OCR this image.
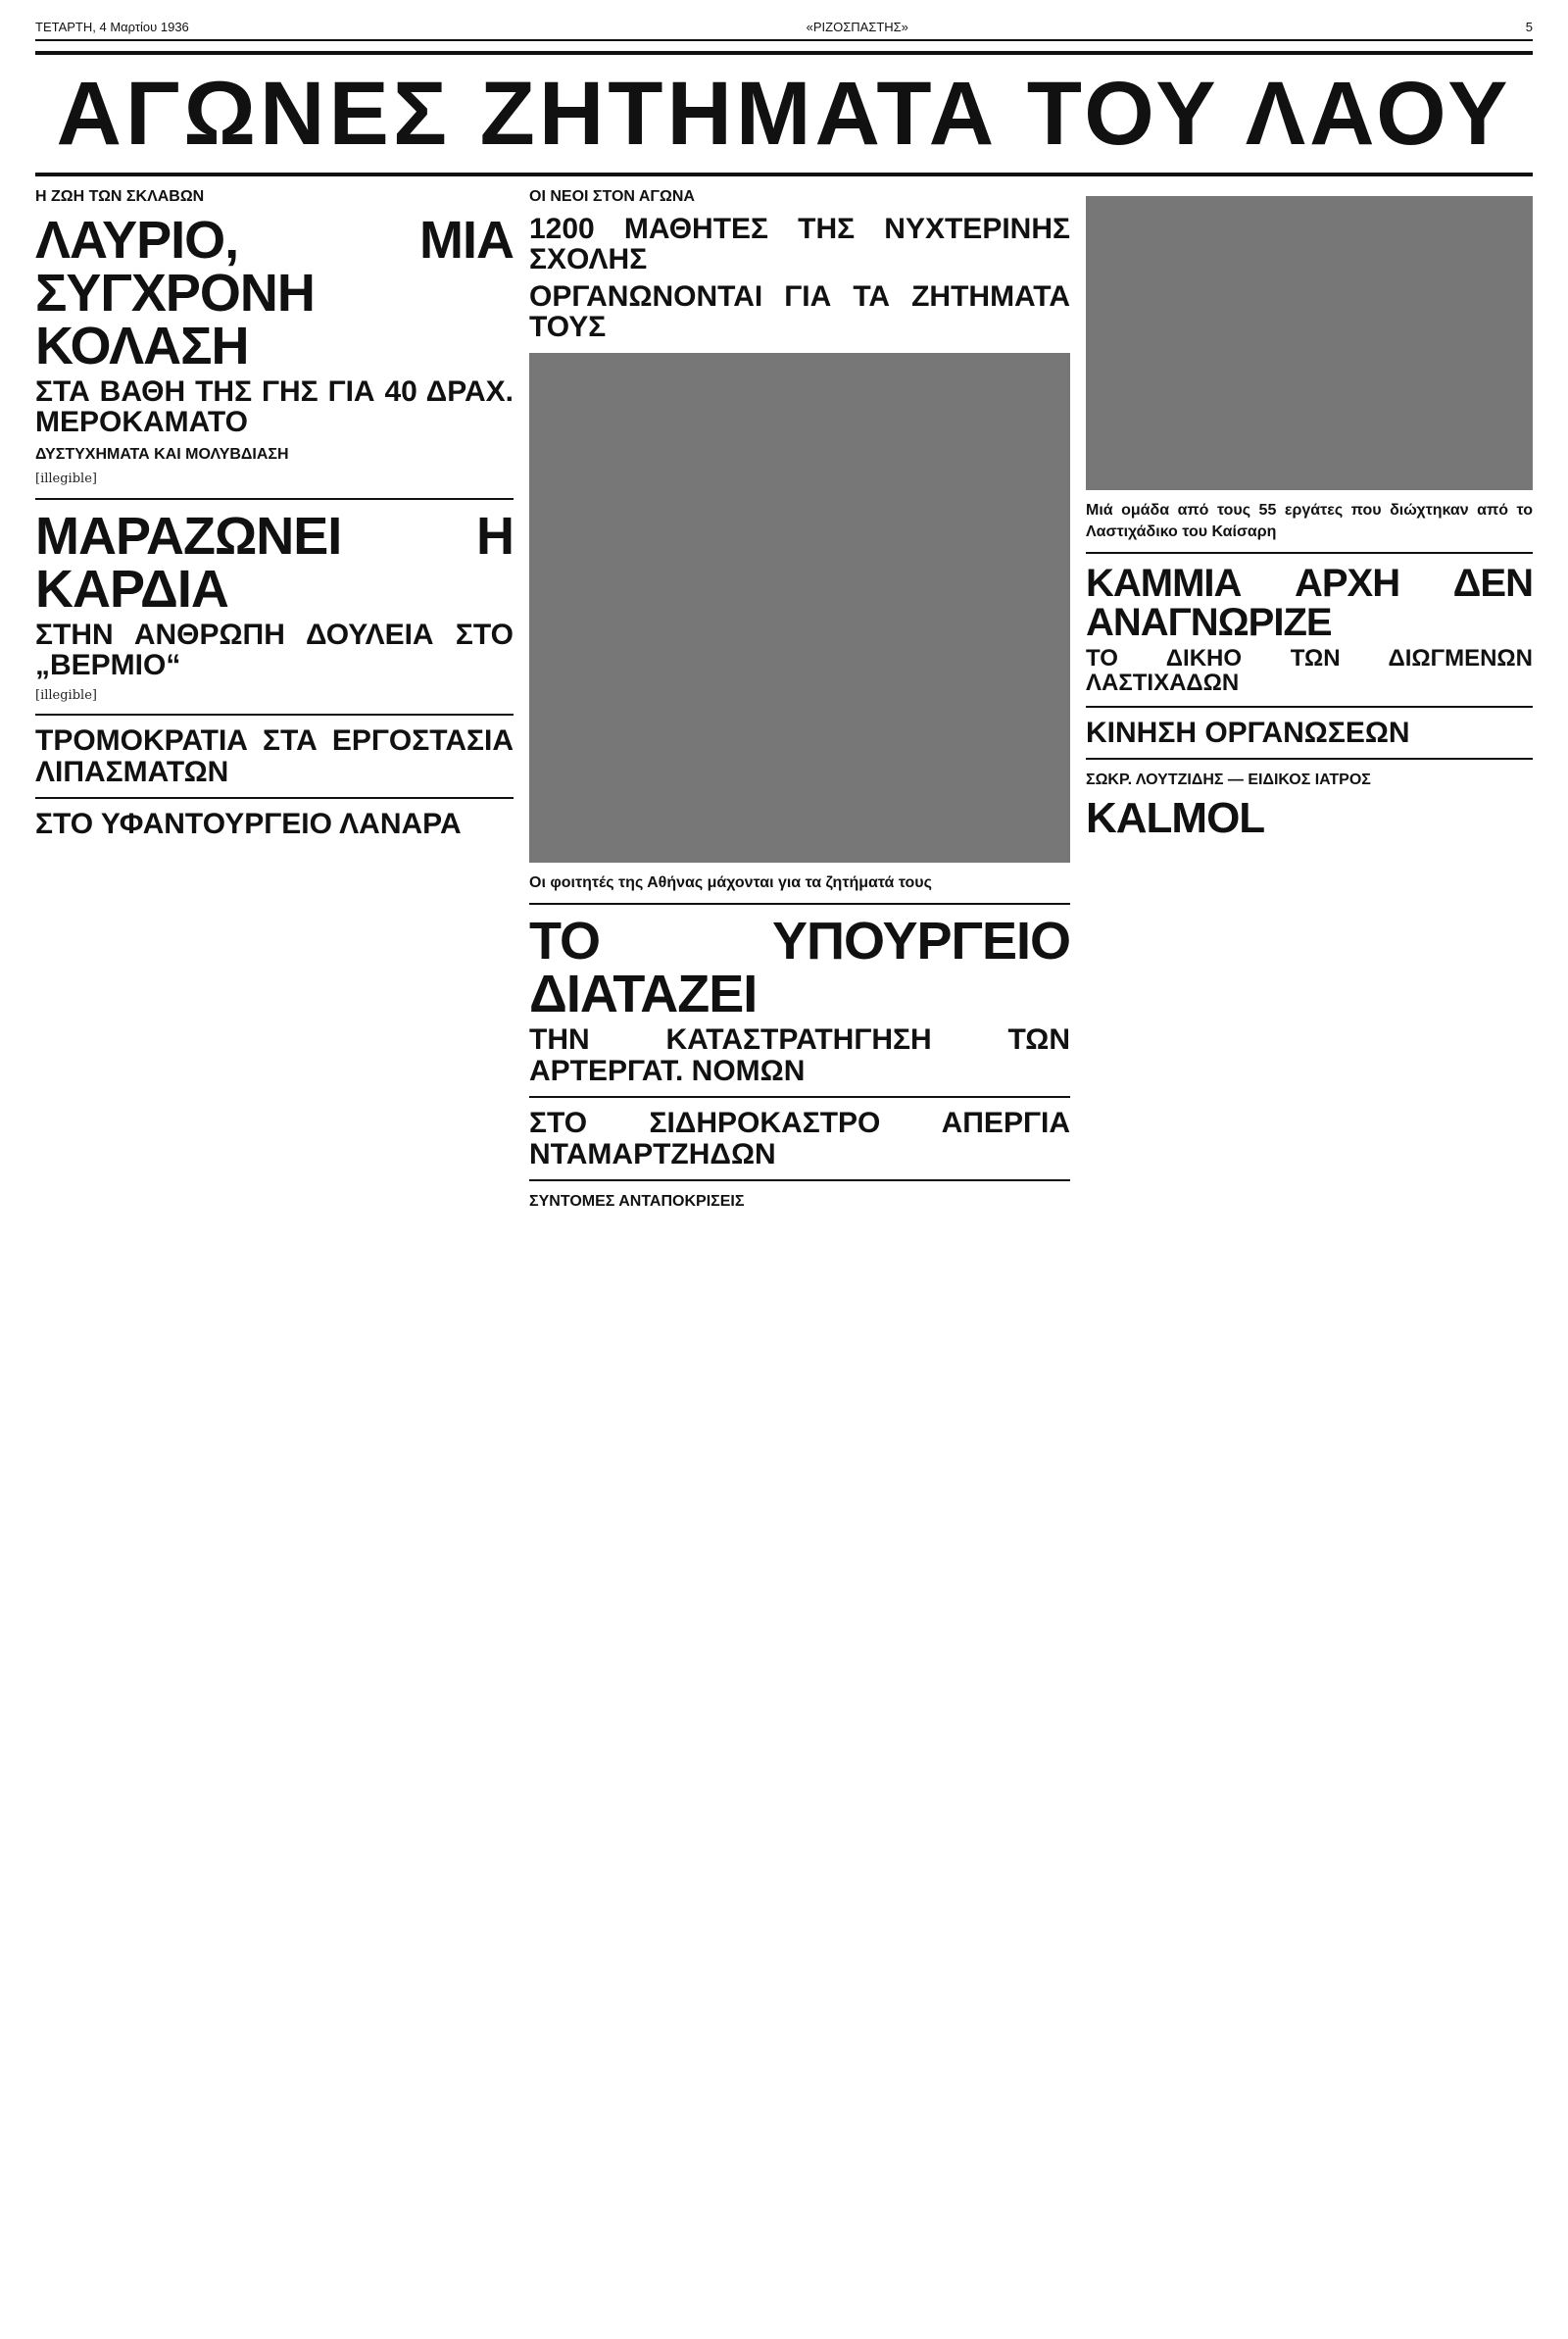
ΤΕΤΑΡΤΗ, 4 Μαρτίου 1936	«ΡΙΖΟΣΠΑΣΤΗΣ»	5
ΑΓΩΝΕΣ ΖΗΤΗΜΑΤΑ ΤΟΥ ΛΑΟΥ
Η ΖΩΗ ΤΩΝ ΣΚΛΑΒΩΝ
ΛΑΥΡΙΟ, ΜΙΑ ΣΥΓΧΡΟΝΗ ΚΟΛΑΣΗ
ΣΤΑ ΒΑΘΗ ΤΗΣ ΓΗΣ ΓΙΑ 40 ΔΡΑΧ. ΜΕΡΟΚΑΜΑΤΟ
ΔΥΣΤΥΧΗΜΑΤΑ ΚΑΙ ΜΟΛΥΒΔΙΑΣΗ
[illegible]
ΜΑΡΑΖΩΝΕΙ Η ΚΑΡΔΙΑ
ΣΤΗΝ ΑΝΘΡΩΠΗ ΔΟΥΛΕΙΑ ΣΤΟ „ΒΕΡΜΙΟ“
[illegible]
ΤΡΟΜΟΚΡΑΤΙΑ ΣΤΑ ΕΡΓΟΣΤΑΣΙΑ ΛΙΠΑΣΜΑΤΩΝ
ΣΤΟ ΥΦΑΝΤΟΥΡΓΕΙΟ ΛΑΝΑΡΑ
ΟΙ ΝΕΟΙ ΣΤΟΝ ΑΓΩΝΑ
1200 ΜΑΘΗΤΕΣ ΤΗΣ ΝΥΧΤΕΡΙΝΗΣ ΣΧΟΛΗΣ
ΟΡΓΑΝΩΝΟΝΤΑΙ ΓΙΑ ΤΑ ΖΗΤΗΜΑΤΑ ΤΟΥΣ
Οι φοιτητές της Αθήνας μάχονται για τα ζητήματά τους
ΤΟ ΥΠΟΥΡΓΕΙΟ ΔΙΑΤΑΖΕΙ
ΤΗΝ ΚΑΤΑΣΤΡΑΤΗΓΗΣΗ ΤΩΝ ΑΡΤΕΡΓΑΤ. ΝΟΜΩΝ
ΣΤΟ ΣΙΔΗΡΟΚΑΣΤΡΟ ΑΠΕΡΓΙΑ ΝΤΑΜΑΡΤΖΗΔΩΝ
ΣΥΝΤΟΜΕΣ ΑΝΤΑΠΟΚΡΙΣΕΙΣ
Μιά ομάδα από τους 55 εργάτες που διώχτηκαν από το Λαστιχάδικο του Καίσαρη
ΚΑΜΜΙΑ ΑΡΧΗ ΔΕΝ ΑΝΑΓΝΩΡΙΖΕ
ΤΟ ΔΙΚΗΟ ΤΩΝ ΔΙΩΓΜΕΝΩΝ ΛΑΣΤΙΧΑΔΩΝ
ΚΙΝΗΣΗ ΟΡΓΑΝΩΣΕΩΝ
ΣΩΚΡ. ΛΟΥΤΖΙΔΗΣ — ΕΙΔΙΚΟΣ ΙΑΤΡΟΣ
KALMOL
